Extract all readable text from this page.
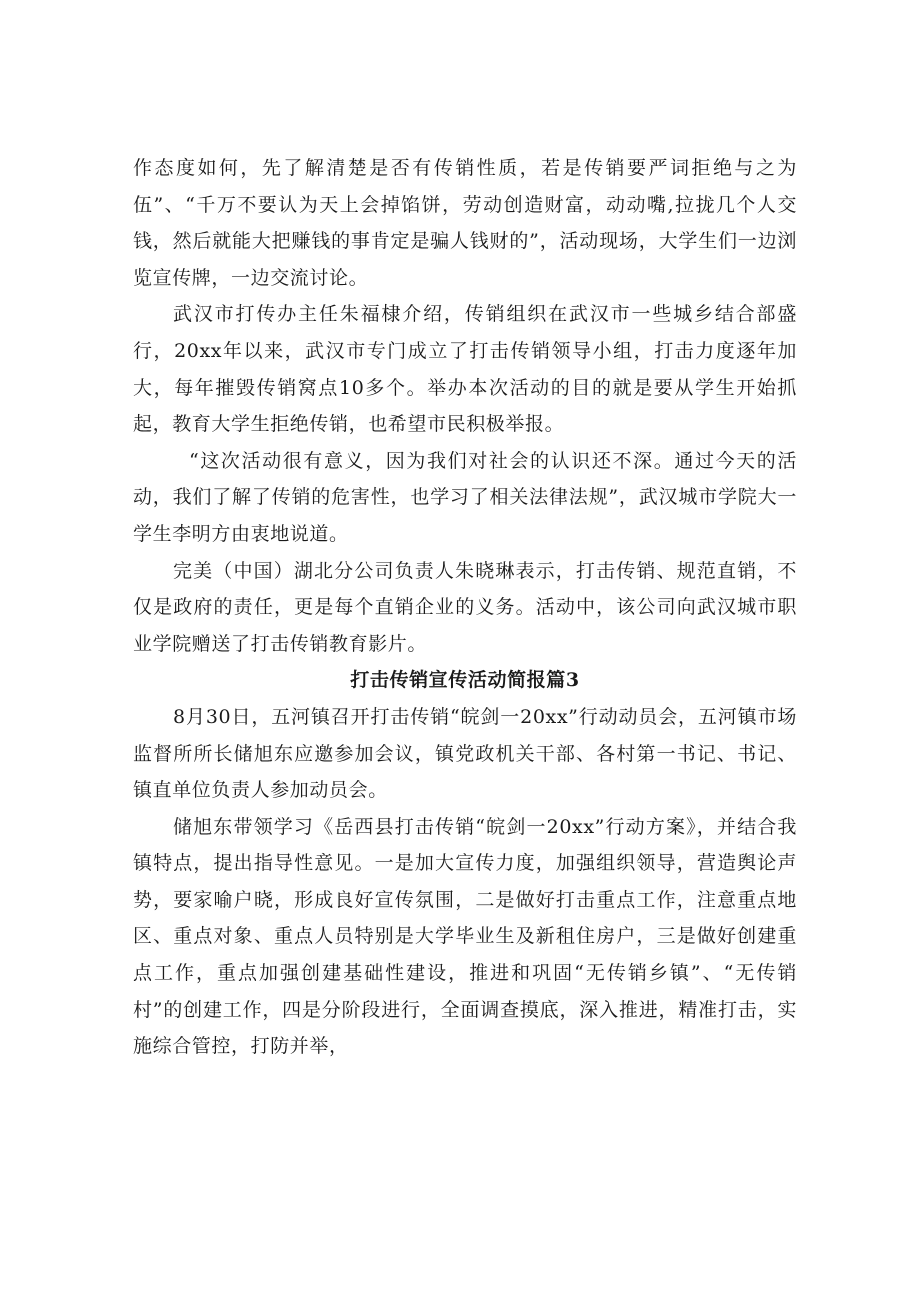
作态度如何，先了解清楚是否有传销性质，若是传销要严词拒绝与之为伍”、“千万不要认为天上会掉馅饼，劳动创造财富，动动嘴,拉拢几个人交钱，然后就能大把赚钱的事肯定是骗人钱财的”，活动现场，大学生们一边浏览宣传牌，一边交流讨论。

武汉市打传办主任朱福棣介绍，传销组织在武汉市一些城乡结合部盛行，20xx年以来，武汉市专门成立了打击传销领导小组，打击力度逐年加大，每年摧毁传销窝点10多个。举办本次活动的目的就是要从学生开始抓起，教育大学生拒绝传销，也希望市民积极举报。

“这次活动很有意义，因为我们对社会的认识还不深。通过今天的活动，我们了解了传销的危害性，也学习了相关法律法规”，武汉城市学院大一学生李明方由衷地说道。

完美（中国）湖北分公司负责人朱晓琳表示，打击传销、规范直销，不仅是政府的责任，更是每个直销企业的义务。活动中，该公司向武汉城市职业学院赠送了打击传销教育影片。

打击传销宣传活动简报篇3

8月30日，五河镇召开打击传销“皖剑一20xx”行动动员会，五河镇市场监督所所长储旭东应邀参加会议，镇党政机关干部、各村第一书记、书记、镇直单位负责人参加动员会。

储旭东带领学习《岳西县打击传销“皖剑一20xx”行动方案》，并结合我镇特点，提出指导性意见。一是加大宣传力度，加强组织领导，营造舆论声势，要家喻户晓，形成良好宣传氛围，二是做好打击重点工作，注意重点地区、重点对象、重点人员特别是大学毕业生及新租住房户，三是做好创建重点工作，重点加强创建基础性建设，推进和巩固“无传销乡镇”、“无传销村”的创建工作，四是分阶段进行，全面调查摸底，深入推进，精准打击，实施综合管控，打防并举，
